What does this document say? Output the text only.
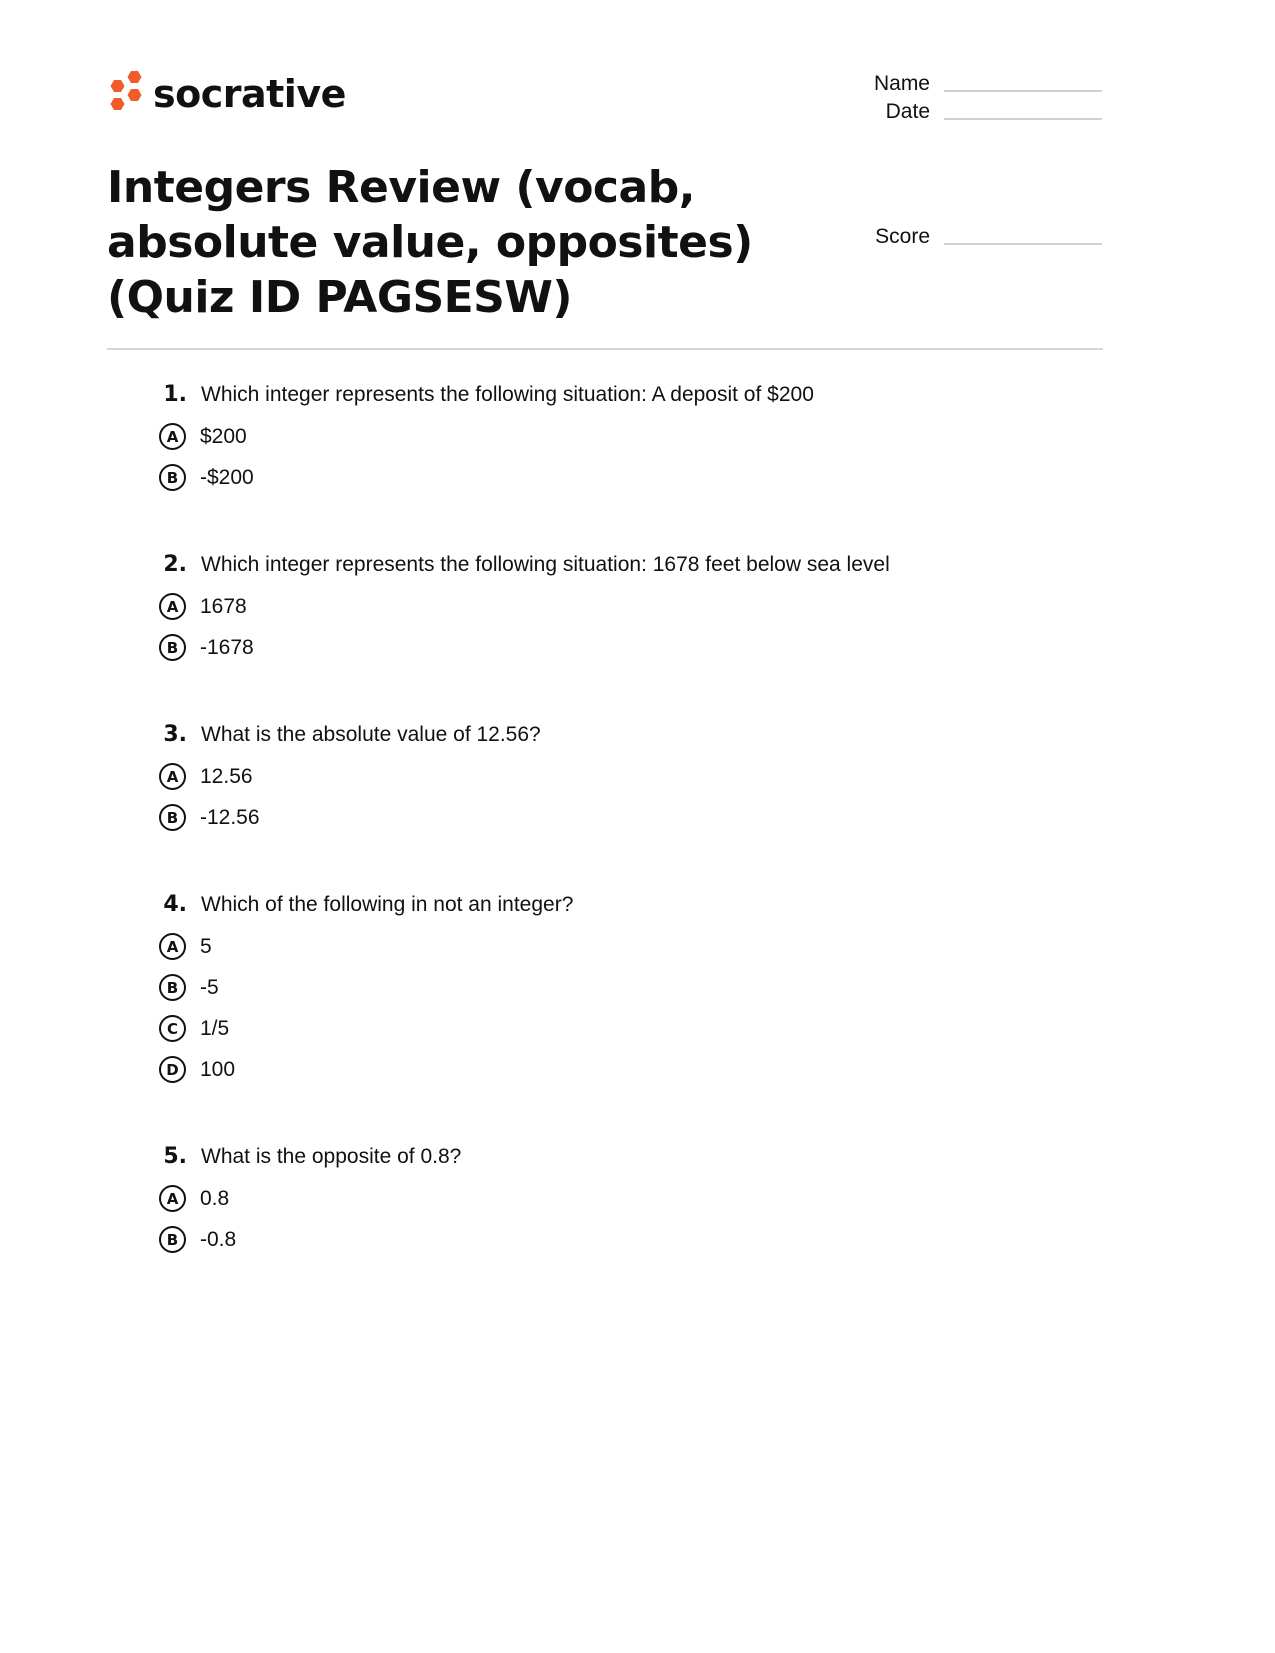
socrative	Name
Date
Score
Integers Review (vocab, absolute value, opposites) (Quiz ID PAGSESW)
1. Which integer represents the following situation: A deposit of $200
A	$200
B	-$200
2. Which integer represents the following situation: 1678 feet below sea level
A	1678
B	-1678
3. What is the absolute value of 12.56?
A	12.56
B	-12.56
4. Which of the following in not an integer?
A	5
B	-5
C	1/5
D	100
5. What is the opposite of 0.8?
A	0.8
B	-0.8
